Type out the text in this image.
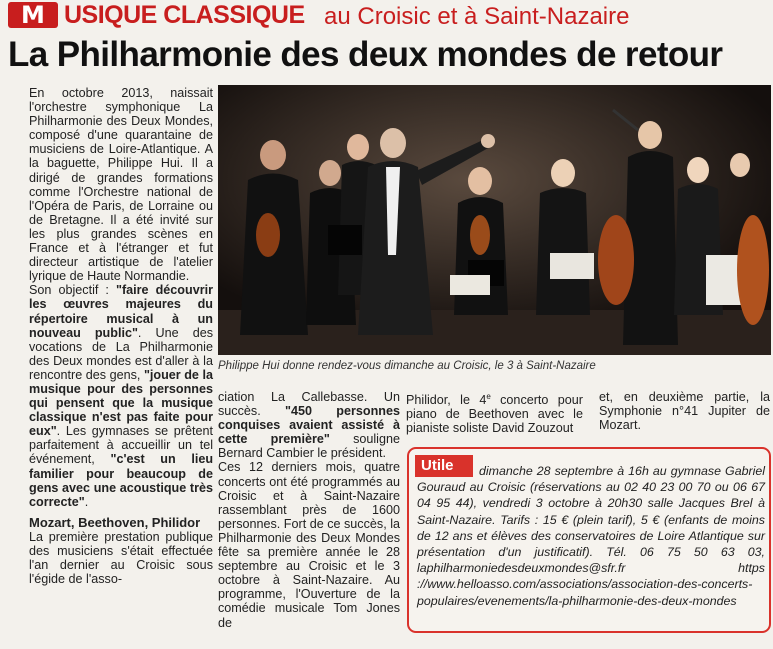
M USIQUE CLASSIQUE au Croisic et à Saint-Nazaire
La Philharmonie des deux mondes de retour

En octobre 2013, naissait l'orchestre symphonique La Philharmonie des Deux Mondes, composé d'une quarantaine de musiciens de Loire-Atlantique. A la baguette, Philippe Hui. Il a dirigé de grandes formations comme l'Orchestre national de l'Opéra de Paris, de Lorraine ou de Bretagne. Il a été invité sur les plus grandes scènes en France et à l'étranger et fut directeur artistique de l'atelier lyrique de Haute Normandie.

Son objectif : "faire découvrir les œuvres majeures du répertoire musical à un nouveau public". Une des vocations de La Philharmonie des Deux mondes est d'aller à la rencontre des gens, "jouer de la musique pour des personnes qui pensent que la musique classique n'est pas faite pour eux". Les gymnases se prêtent parfaitement à accueillir un tel événement, "c'est un lieu familier pour beaucoup de gens avec une acoustique très correcte".

Mozart, Beethoven, Philidor

La première prestation publique des musiciens s'était effectuée l'an dernier au Croisic sous l'égide de l'asso-

Philippe Hui donne rendez-vous dimanche au Croisic, le 3 à Saint-Nazaire

ciation La Callebasse. Un succès. "450 personnes conquises avaient assisté à cette première" souligne Bernard Cambier le président.

Ces 12 derniers mois, quatre concerts ont été programmés au Croisic et à Saint-Nazaire rassemblant près de 1600 personnes. Fort de ce succès, la Philharmonie des Deux Mondes fête sa première année le 28 septembre au Croisic et le 3 octobre à Saint-Nazaire. Au programme, l'Ouverture de la comédie musicale Tom Jones de

Philidor, le 4e concerto pour piano de Beethoven avec le pianiste soliste David Zouzout

et, en deuxième partie, la Symphonie n°41 Jupiter de Mozart.

Utile	dimanche 28 septembre à 16h au gymnase Gabriel Gouraud au Croisic (réservations au 02 40 23 00 70 ou 06 67 04 95 44), vendredi 3 octobre à 20h30 salle Jacques Brel à Saint-Nazaire. Tarifs : 15 € (plein tarif), 5 € (enfants de moins de 12 ans et élèves des conservatoires de Loire Atlantique sur présentation d'un justificatif). Tél. 06 75 50 63 03, laphilharmoniedesdeuxmondes@sfr.fr https ://www.helloasso.com/associations/association-des-concerts-populaires/evenements/la-philharmonie-des-deux-mondes
